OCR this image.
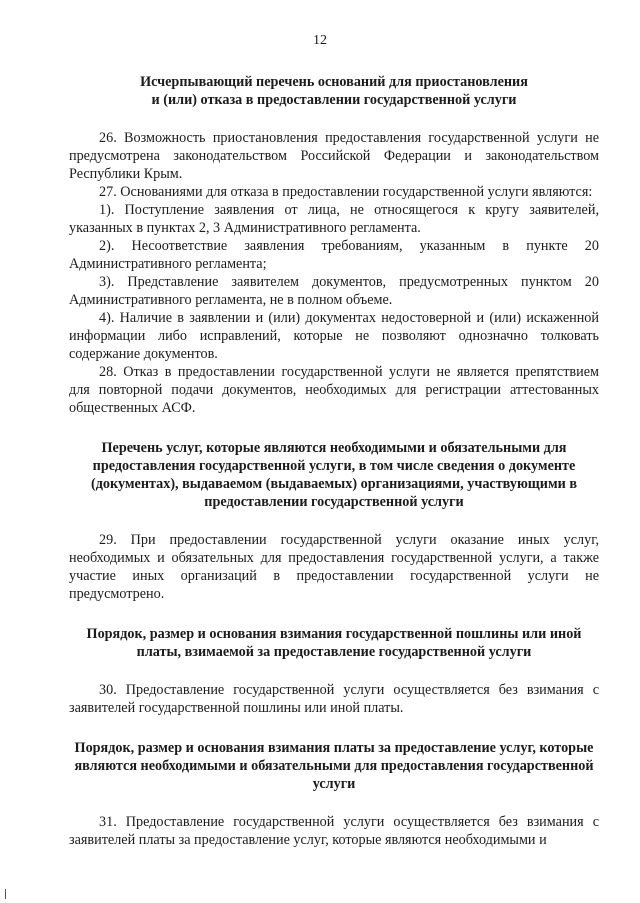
12

Исчерпывающий перечень оснований для приостановления
и (или) отказа в предоставлении государственной услуги

26. Возможность приостановления предоставления государственной услуги не предусмотрена законодательством Российской Федерации и законодательством Республики Крым.

27. Основаниями для отказа в предоставлении государственной услуги являются:

1). Поступление заявления от лица, не относящегося к кругу заявителей, указанных в пунктах 2, 3 Административного регламента.

2). Несоответствие заявления требованиям, указанным в пункте 20 Административного регламента;

3). Представление заявителем документов, предусмотренных пунктом 20 Административного регламента, не в полном объеме.

4). Наличие в заявлении и (или) документах недостоверной и (или) искаженной информации либо исправлений, которые не позволяют однозначно толковать содержание документов.

28. Отказ в предоставлении государственной услуги не является препятствием для повторной подачи документов, необходимых для регистрации аттестованных общественных АСФ.

Перечень услуг, которые являются необходимыми и обязательными для предоставления государственной услуги, в том числе сведения о документе (документах), выдаваемом (выдаваемых) организациями, участвующими в предоставлении государственной услуги

29. При предоставлении государственной услуги оказание иных услуг, необходимых и обязательных для предоставления государственной услуги, а также участие иных организаций в предоставлении государственной услуги не предусмотрено.

Порядок, размер и основания взимания государственной пошлины или иной платы, взимаемой за предоставление государственной услуги

30. Предоставление государственной услуги осуществляется без взимания с заявителей государственной пошлины или иной платы.

Порядок, размер и основания взимания платы за предоставление услуг, которые являются необходимыми и обязательными для предоставления государственной услуги

31. Предоставление государственной услуги осуществляется без взимания с заявителей платы за предоставление услуг, которые являются необходимыми и
